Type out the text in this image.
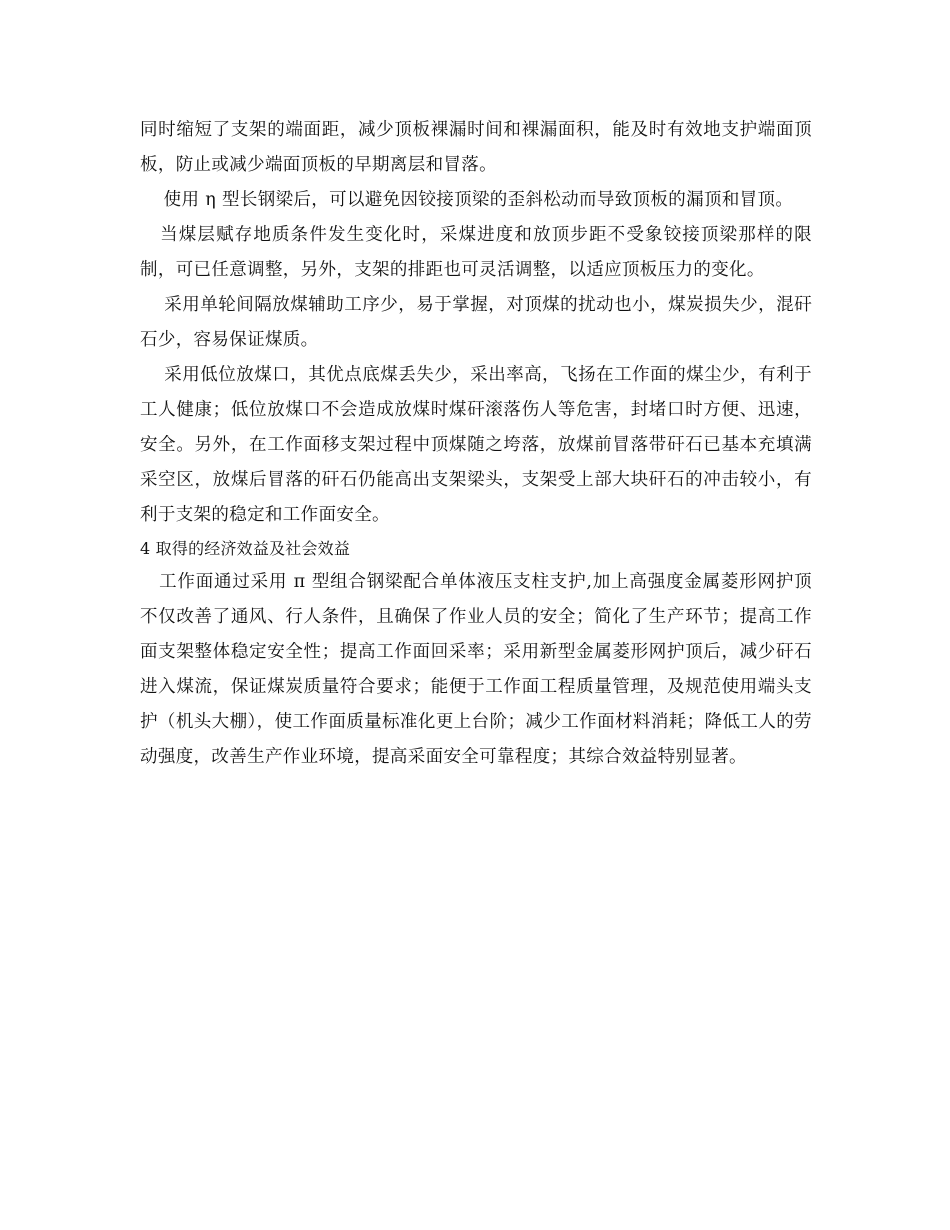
同时缩短了支架的端面距，减少顶板裸漏时间和裸漏面积，能及时有效地支护端面顶板，防止或减少端面顶板的早期离层和冒落。

使用 η 型长钢梁后，可以避免因铰接顶梁的歪斜松动而导致顶板的漏顶和冒顶。

当煤层赋存地质条件发生变化时，采煤进度和放顶步距不受象铰接顶梁那样的限制，可已任意调整，另外，支架的排距也可灵活调整，以适应顶板压力的变化。

采用单轮间隔放煤辅助工序少，易于掌握，对顶煤的扰动也小，煤炭损失少，混矸石少，容易保证煤质。

采用低位放煤口，其优点底煤丢失少，采出率高，飞扬在工作面的煤尘少，有利于工人健康；低位放煤口不会造成放煤时煤矸滚落伤人等危害，封堵口时方便、迅速，安全。另外，在工作面移支架过程中顶煤随之垮落，放煤前冒落带矸石已基本充填满采空区，放煤后冒落的矸石仍能高出支架梁头，支架受上部大块矸石的冲击较小，有利于支架的稳定和工作面安全。

4 取得的经济效益及社会效益

工作面通过采用 π 型组合钢梁配合单体液压支柱支护,加上高强度金属菱形网护顶不仅改善了通风、行人条件，且确保了作业人员的安全；简化了生产环节；提高工作面支架整体稳定安全性；提高工作面回采率；采用新型金属菱形网护顶后，减少矸石进入煤流，保证煤炭质量符合要求；能便于工作面工程质量管理，及规范使用端头支护（机头大棚），使工作面质量标准化更上台阶；减少工作面材料消耗；降低工人的劳动强度，改善生产作业环境，提高采面安全可靠程度；其综合效益特别显著。
